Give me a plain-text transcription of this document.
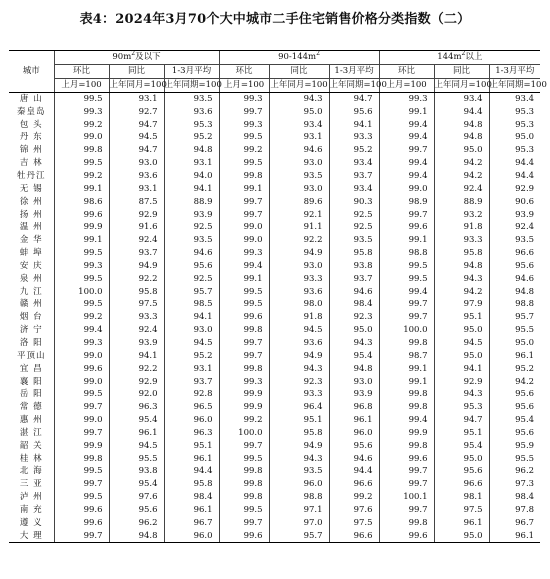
表4：2024年3月70个大中城市二手住宅销售价格分类指数（二）
城市	$90m^2$及以下			$90-144m^2$			$144m^2$以上		
	环比	同比	1-3月平均	环比	同比	1-3月平均	环比	同比	1-3月平均
	上月=100	上年同月=100	上年同期=100	上月=100	上年同月=100	上年同期=100	上月=100	上年同月=100	上年同期=100
唐 山	99.5	93.1	93.5	99.3	94.3	94.7	99.3	93.4	93.4
秦皇岛	99.3	92.7	93.6	99.7	95.0	95.6	99.1	94.4	95.3
包 头	99.2	94.7	95.3	99.3	93.4	94.1	99.4	94.8	95.3
丹 东	99.0	94.5	95.2	99.5	93.1	93.3	99.4	94.8	95.0
锦 州	99.8	94.7	94.8	99.2	94.6	95.2	99.7	95.0	95.3
吉 林	99.5	93.0	93.1	99.5	93.0	93.4	99.4	94.2	94.4
牡丹江	99.2	93.6	94.0	99.8	93.5	93.7	99.4	94.2	94.4
无 锡	99.1	93.1	94.1	99.1	93.0	93.4	99.0	92.4	92.9
徐 州	98.6	87.5	88.9	99.7	89.6	90.3	98.9	88.9	90.6
扬 州	99.6	92.9	93.9	99.7	92.1	92.5	99.7	93.2	93.9
温 州	99.9	91.6	92.5	99.0	91.1	92.5	99.6	91.8	92.4
金 华	99.1	92.4	93.5	99.0	92.2	93.5	99.1	93.3	93.5
蚌 埠	99.5	93.7	94.6	99.3	94.9	95.8	98.8	95.8	96.6
安 庆	99.3	94.9	95.6	99.4	93.0	93.8	99.5	94.8	95.6
泉 州	99.5	92.2	92.5	99.1	93.3	93.7	99.5	94.3	94.6
九 江	100.0	95.8	95.7	99.5	93.6	94.6	99.4	94.2	94.8
赣 州	99.5	97.5	98.5	99.5	98.0	98.4	99.7	97.9	98.8
烟 台	99.2	93.3	94.1	99.6	91.8	92.3	99.7	95.1	95.7
济 宁	99.4	92.4	93.0	99.8	94.5	95.0	100.0	95.0	95.5
洛 阳	99.3	93.9	94.5	99.7	93.6	94.3	99.8	94.5	95.0
平顶山	99.0	94.1	95.2	99.7	94.9	95.4	98.7	95.0	96.1
宜 昌	99.6	92.2	93.1	99.8	94.3	94.8	99.1	94.1	95.2
襄 阳	99.0	92.9	93.7	99.3	92.3	93.0	99.1	92.9	94.2
岳 阳	99.5	92.0	92.8	99.9	93.3	93.9	99.8	94.3	95.6
常 德	99.7	96.3	96.5	99.9	96.4	96.8	99.8	95.3	95.6
惠 州	99.0	95.4	96.0	99.2	95.1	96.1	99.4	94.7	95.4
湛 江	99.7	96.1	96.3	100.0	95.8	96.0	99.9	95.1	95.6
韶 关	99.9	94.5	95.1	99.7	94.9	95.6	99.8	95.4	95.9
桂 林	99.8	95.5	96.1	99.5	94.3	94.6	99.6	95.0	95.5
北 海	99.5	93.8	94.4	99.8	93.5	94.4	99.7	95.6	96.2
三 亚	99.7	95.4	95.8	99.8	96.0	96.6	99.7	96.6	97.3
泸 州	99.5	97.6	98.4	99.8	98.8	99.2	100.1	98.1	98.4
南 充	99.6	95.6	96.1	99.5	97.1	97.6	99.7	97.5	97.8
遵 义	99.6	96.2	96.7	99.7	97.0	97.5	99.8	96.1	96.7
大 理	99.7	94.8	96.0	99.6	95.7	96.6	99.6	95.0	96.1
